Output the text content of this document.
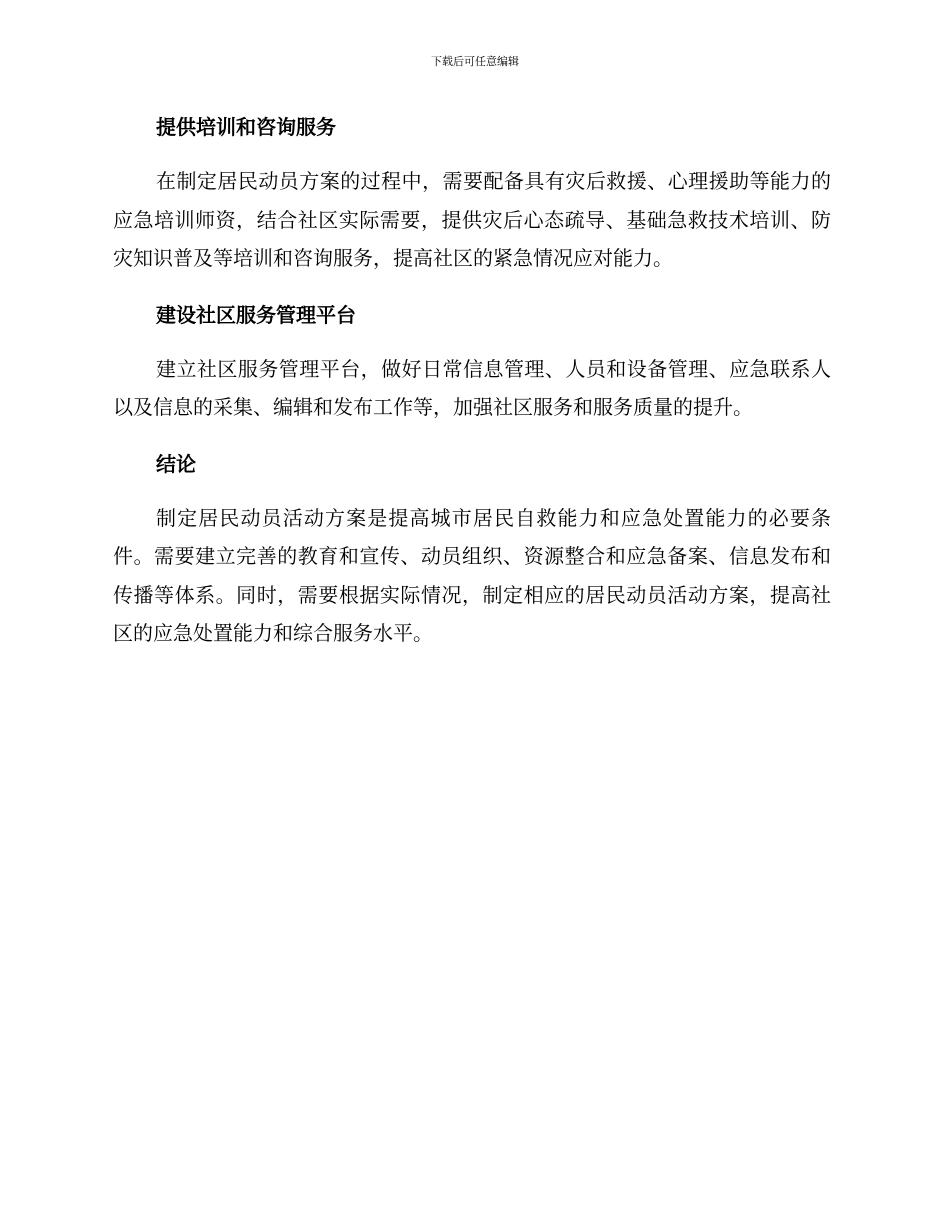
下载后可任意编辑
提供培训和咨询服务

在制定居民动员方案的过程中，需要配备具有灾后救援、心理援助等能力的应急培训师资，结合社区实际需要，提供灾后心态疏导、基础急救技术培训、防灾知识普及等培训和咨询服务，提高社区的紧急情况应对能力。

建设社区服务管理平台

建立社区服务管理平台，做好日常信息管理、人员和设备管理、应急联系人以及信息的采集、编辑和发布工作等，加强社区服务和服务质量的提升。

结论

制定居民动员活动方案是提高城市居民自救能力和应急处置能力的必要条件。需要建立完善的教育和宣传、动员组织、资源整合和应急备案、信息发布和传播等体系。同时，需要根据实际情况，制定相应的居民动员活动方案，提高社区的应急处置能力和综合服务水平。
